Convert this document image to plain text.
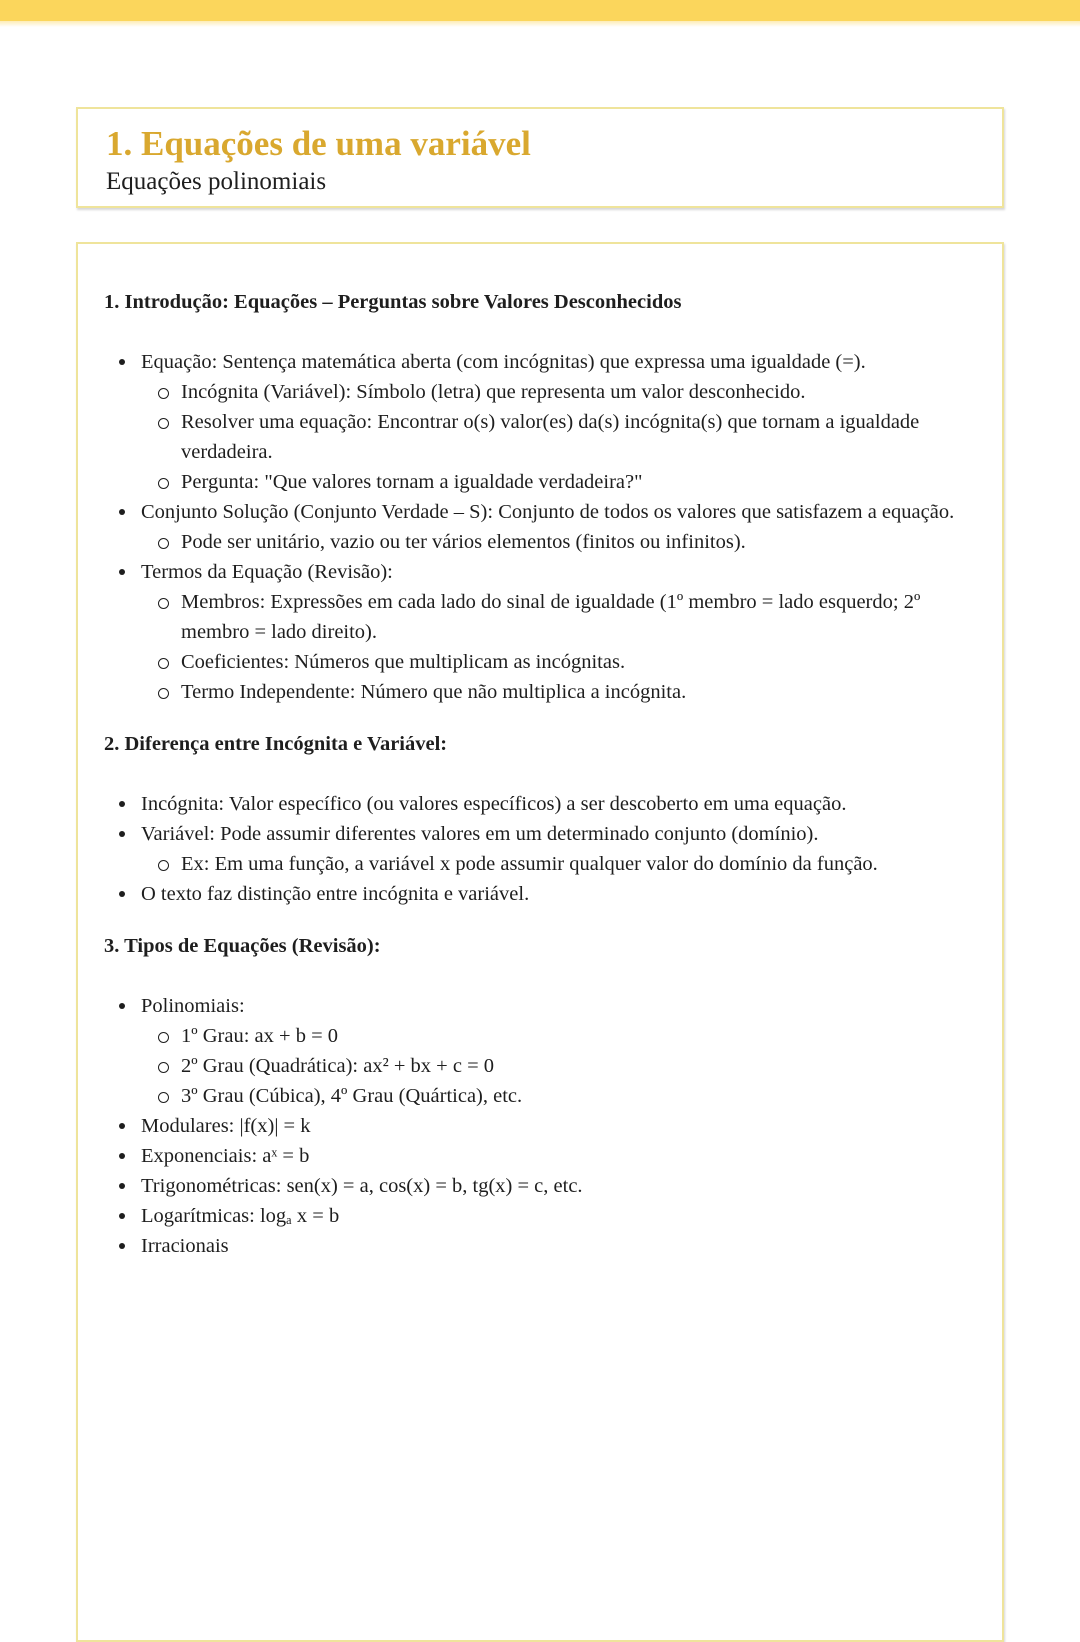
1. Equações de uma variável
Equações polinomiais
1. Introdução: Equações – Perguntas sobre Valores Desconhecidos
Equação: Sentença matemática aberta (com incógnitas) que expressa uma igualdade (=).
Incógnita (Variável): Símbolo (letra) que representa um valor desconhecido.
Resolver uma equação: Encontrar o(s) valor(es) da(s) incógnita(s) que tornam a igualdade verdadeira.
Pergunta: "Que valores tornam a igualdade verdadeira?"
Conjunto Solução (Conjunto Verdade – S): Conjunto de todos os valores que satisfazem a equação.
Pode ser unitário, vazio ou ter vários elementos (finitos ou infinitos).
Termos da Equação (Revisão):
Membros: Expressões em cada lado do sinal de igualdade (1º membro = lado esquerdo; 2º membro = lado direito).
Coeficientes: Números que multiplicam as incógnitas.
Termo Independente: Número que não multiplica a incógnita.
2. Diferença entre Incógnita e Variável:
Incógnita: Valor específico (ou valores específicos) a ser descoberto em uma equação.
Variável: Pode assumir diferentes valores em um determinado conjunto (domínio).
Ex: Em uma função, a variável x pode assumir qualquer valor do domínio da função.
O texto faz distinção entre incógnita e variável.
3. Tipos de Equações (Revisão):
Polinomiais:
1º Grau: ax + b = 0
2º Grau (Quadrática): ax² + bx + c = 0
3º Grau (Cúbica), 4º Grau (Quártica), etc.
Modulares: |f(x)| = k
Exponenciais: aˣ = b
Trigonométricas: sen(x) = a, cos(x) = b, tg(x) = c, etc.
Logarítmicas: logₐ x = b
Irracionais
